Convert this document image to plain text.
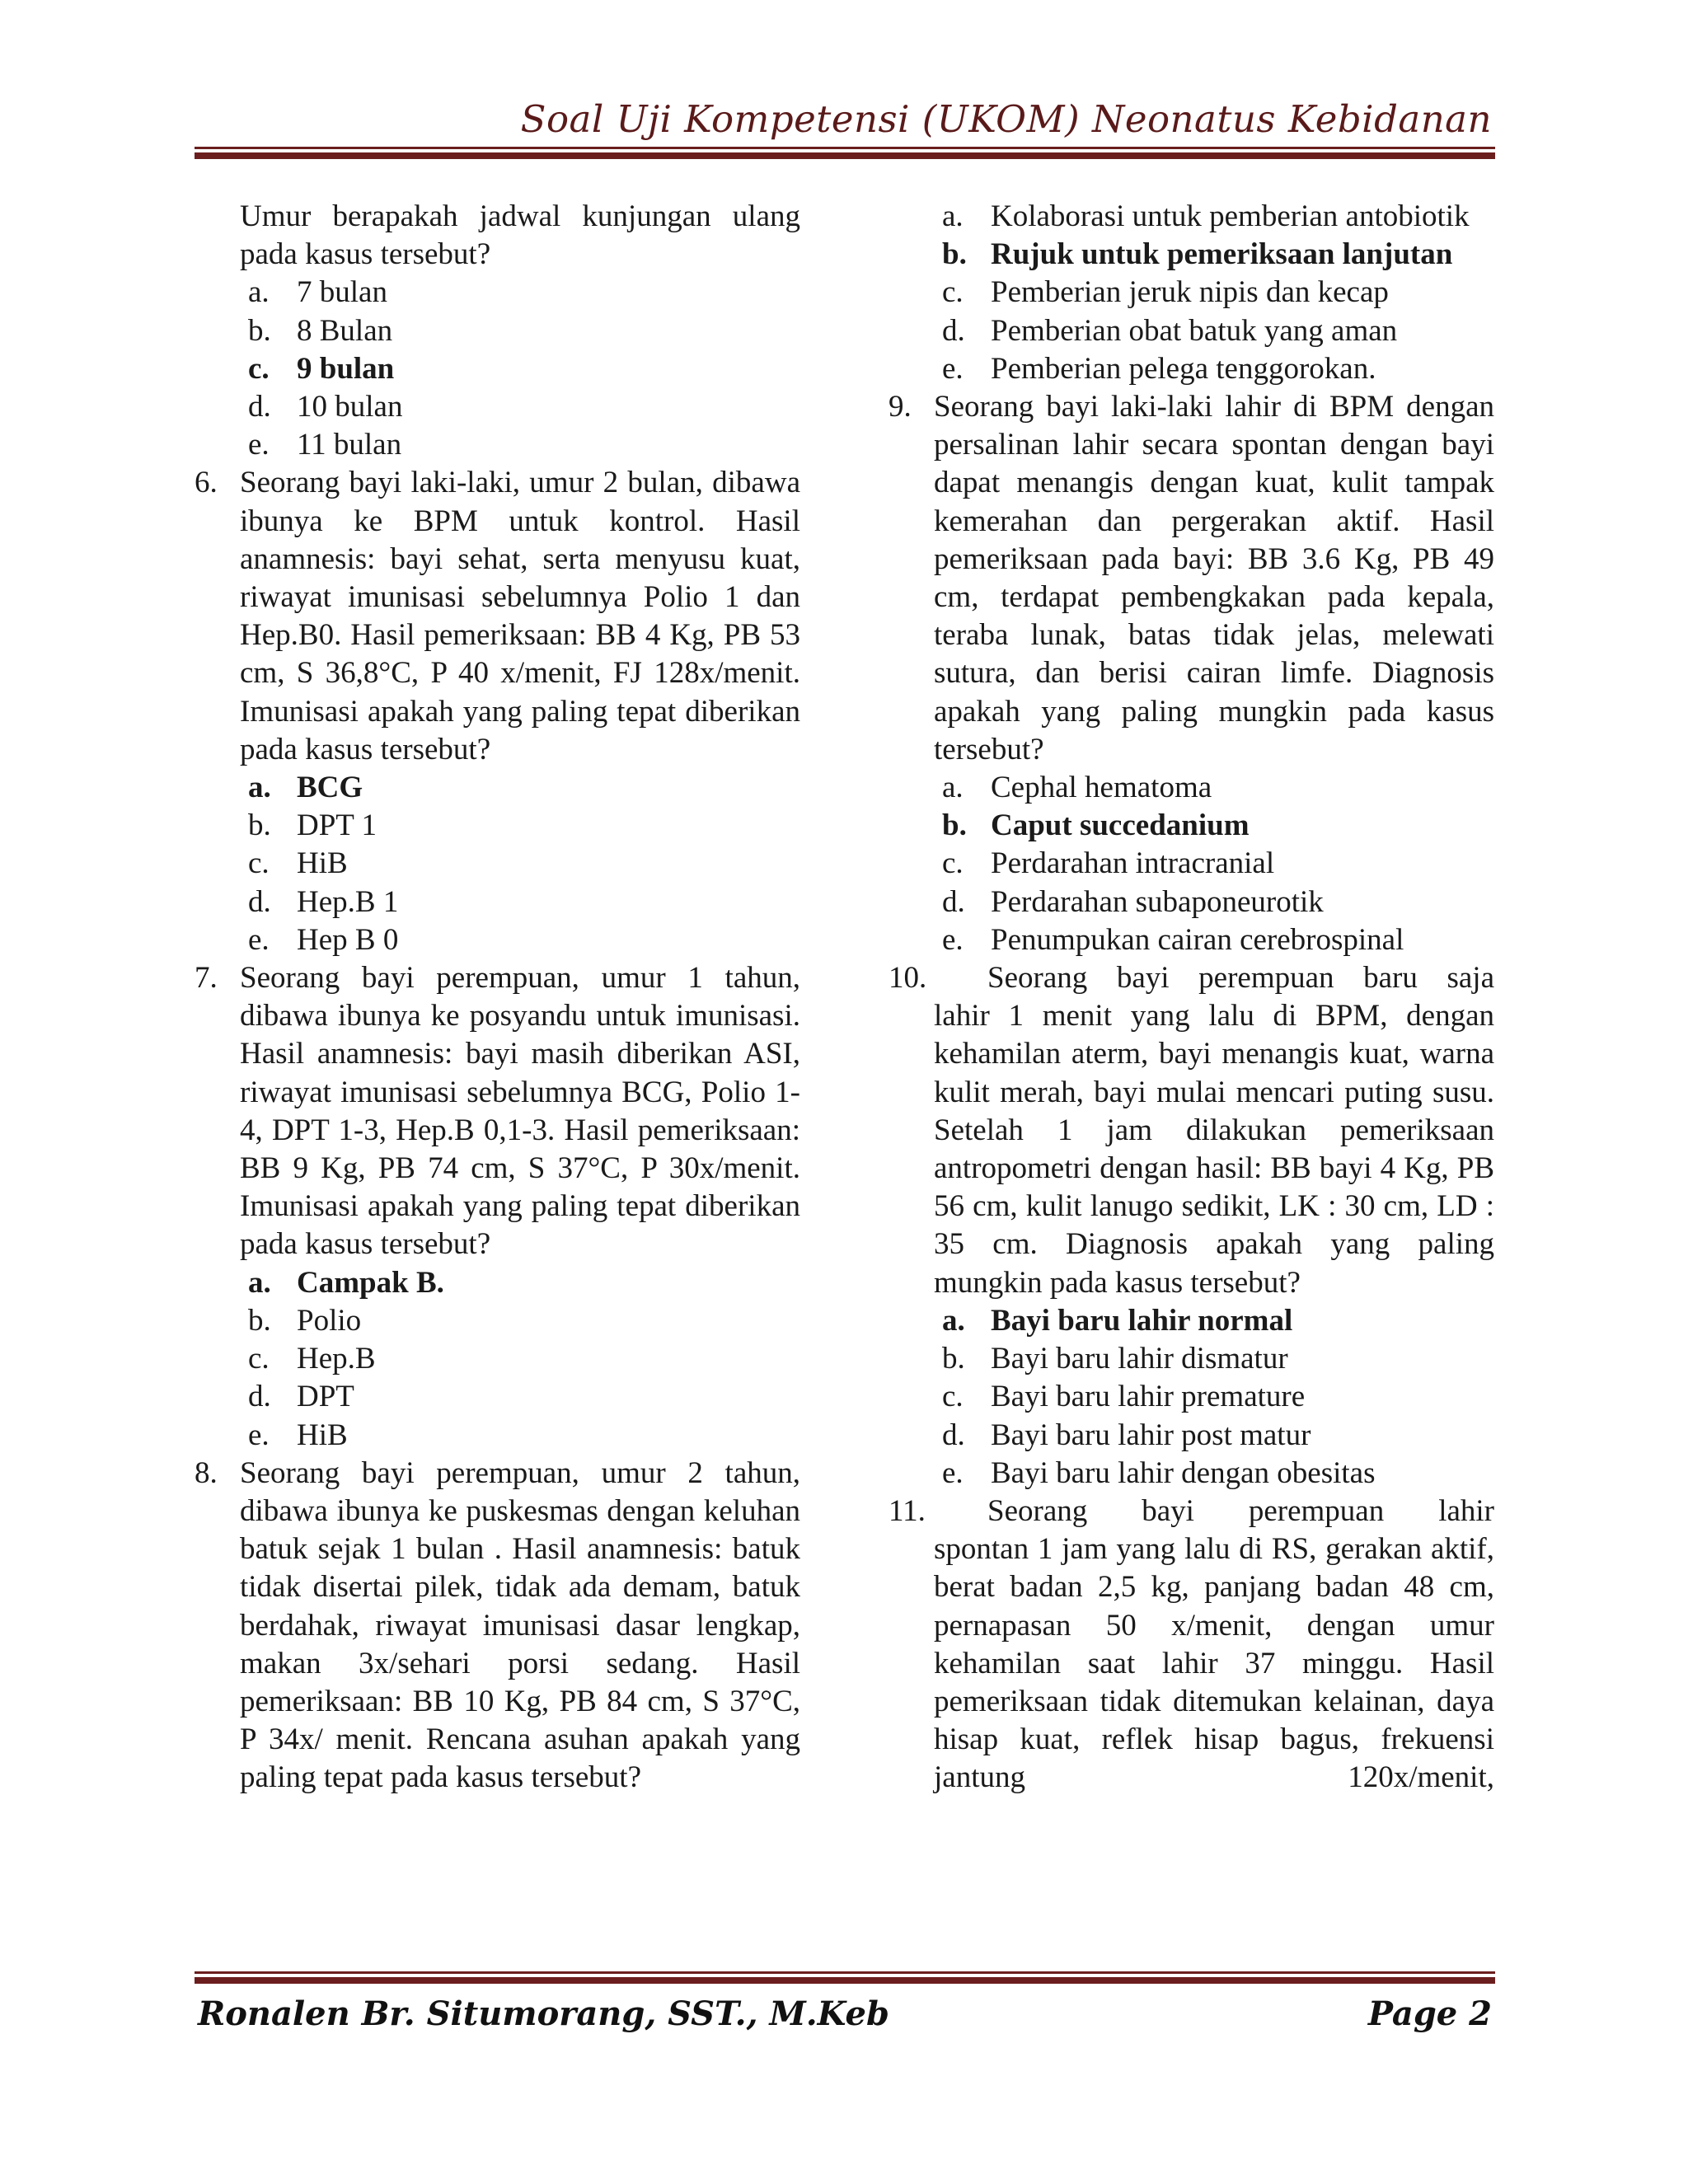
Soal Uji Kompetensi (UKOM) Neonatus Kebidanan
Umur berapakah jadwal kunjungan ulang
pada kasus tersebut?
a. 7 bulan
b. 8 Bulan
c. 9 bulan
d. 10 bulan
e. 11 bulan
6. Seorang bayi laki-laki, umur 2 bulan, dibawa ibunya ke BPM untuk kontrol. Hasil anamnesis: bayi sehat, serta menyusu kuat, riwayat imunisasi sebelumnya Polio 1 dan Hep.B0. Hasil pemeriksaan: BB 4 Kg, PB 53 cm, S 36,8°C, P 40 x/menit, FJ 128x/menit. Imunisasi apakah yang paling tepat diberikan pada kasus tersebut?
a. BCG
b. DPT 1
c. HiB
d. Hep.B 1
e. Hep B 0
7. Seorang bayi perempuan, umur 1 tahun, dibawa ibunya ke posyandu untuk imunisasi. Hasil anamnesis: bayi masih diberikan ASI, riwayat imunisasi sebelumnya BCG, Polio 1-4, DPT 1-3, Hep.B 0,1-3. Hasil pemeriksaan: BB 9 Kg, PB 74 cm, S 37°C, P 30x/menit. Imunisasi apakah yang paling tepat diberikan pada kasus tersebut?
a. Campak B.
b. Polio
c. Hep.B
d. DPT
e. HiB
8. Seorang bayi perempuan, umur 2 tahun, dibawa ibunya ke puskesmas dengan keluhan batuk sejak 1 bulan . Hasil anamnesis: batuk tidak disertai pilek, tidak ada demam, batuk berdahak, riwayat imunisasi dasar lengkap, makan 3x/sehari porsi sedang. Hasil pemeriksaan: BB 10 Kg, PB 84 cm, S 37°C, P 34x/ menit. Rencana asuhan apakah yang paling tepat pada kasus tersebut?
a. Kolaborasi untuk pemberian antobiotik
b. Rujuk untuk pemeriksaan lanjutan
c. Pemberian jeruk nipis dan kecap
d. Pemberian obat batuk yang aman
e. Pemberian pelega tenggorokan.
9. Seorang bayi laki-laki lahir di BPM dengan persalinan lahir secara spontan dengan bayi dapat menangis dengan kuat, kulit tampak kemerahan dan pergerakan aktif. Hasil pemeriksaan pada bayi: BB 3.6 Kg, PB 49 cm, terdapat pembengkakan pada kepala, teraba lunak, batas tidak jelas, melewati sutura, dan berisi cairan limfe. Diagnosis apakah yang paling mungkin pada kasus tersebut?
a. Cephal hematoma
b. Caput succedanium
c. Perdarahan intracranial
d. Perdarahan subaponeurotik
e. Penumpukan cairan cerebrospinal
10.	Seorang bayi perempuan baru saja
lahir 1 menit yang lalu di BPM, dengan kehamilan aterm, bayi menangis kuat, warna kulit merah, bayi mulai mencari puting susu. Setelah 1 jam dilakukan pemeriksaan antropometri dengan hasil: BB bayi 4 Kg, PB 56 cm, kulit lanugo sedikit, LK : 30 cm, LD : 35 cm. Diagnosis apakah yang paling mungkin pada kasus tersebut?
a. Bayi baru lahir normal
b. Bayi baru lahir dismatur
c. Bayi baru lahir premature
d. Bayi baru lahir post matur
e. Bayi baru lahir dengan obesitas
11.	Seorang bayi perempuan lahir
spontan 1 jam yang lalu di RS, gerakan aktif, berat badan 2,5 kg, panjang badan 48 cm, pernapasan 50 x/menit, dengan umur kehamilan saat lahir 37 minggu. Hasil pemeriksaan tidak ditemukan kelainan, daya hisap kuat, reflek hisap bagus, frekuensi jantung 120x/menit,
Ronalen Br. Situmorang, SST., M.Keb	Page 2
